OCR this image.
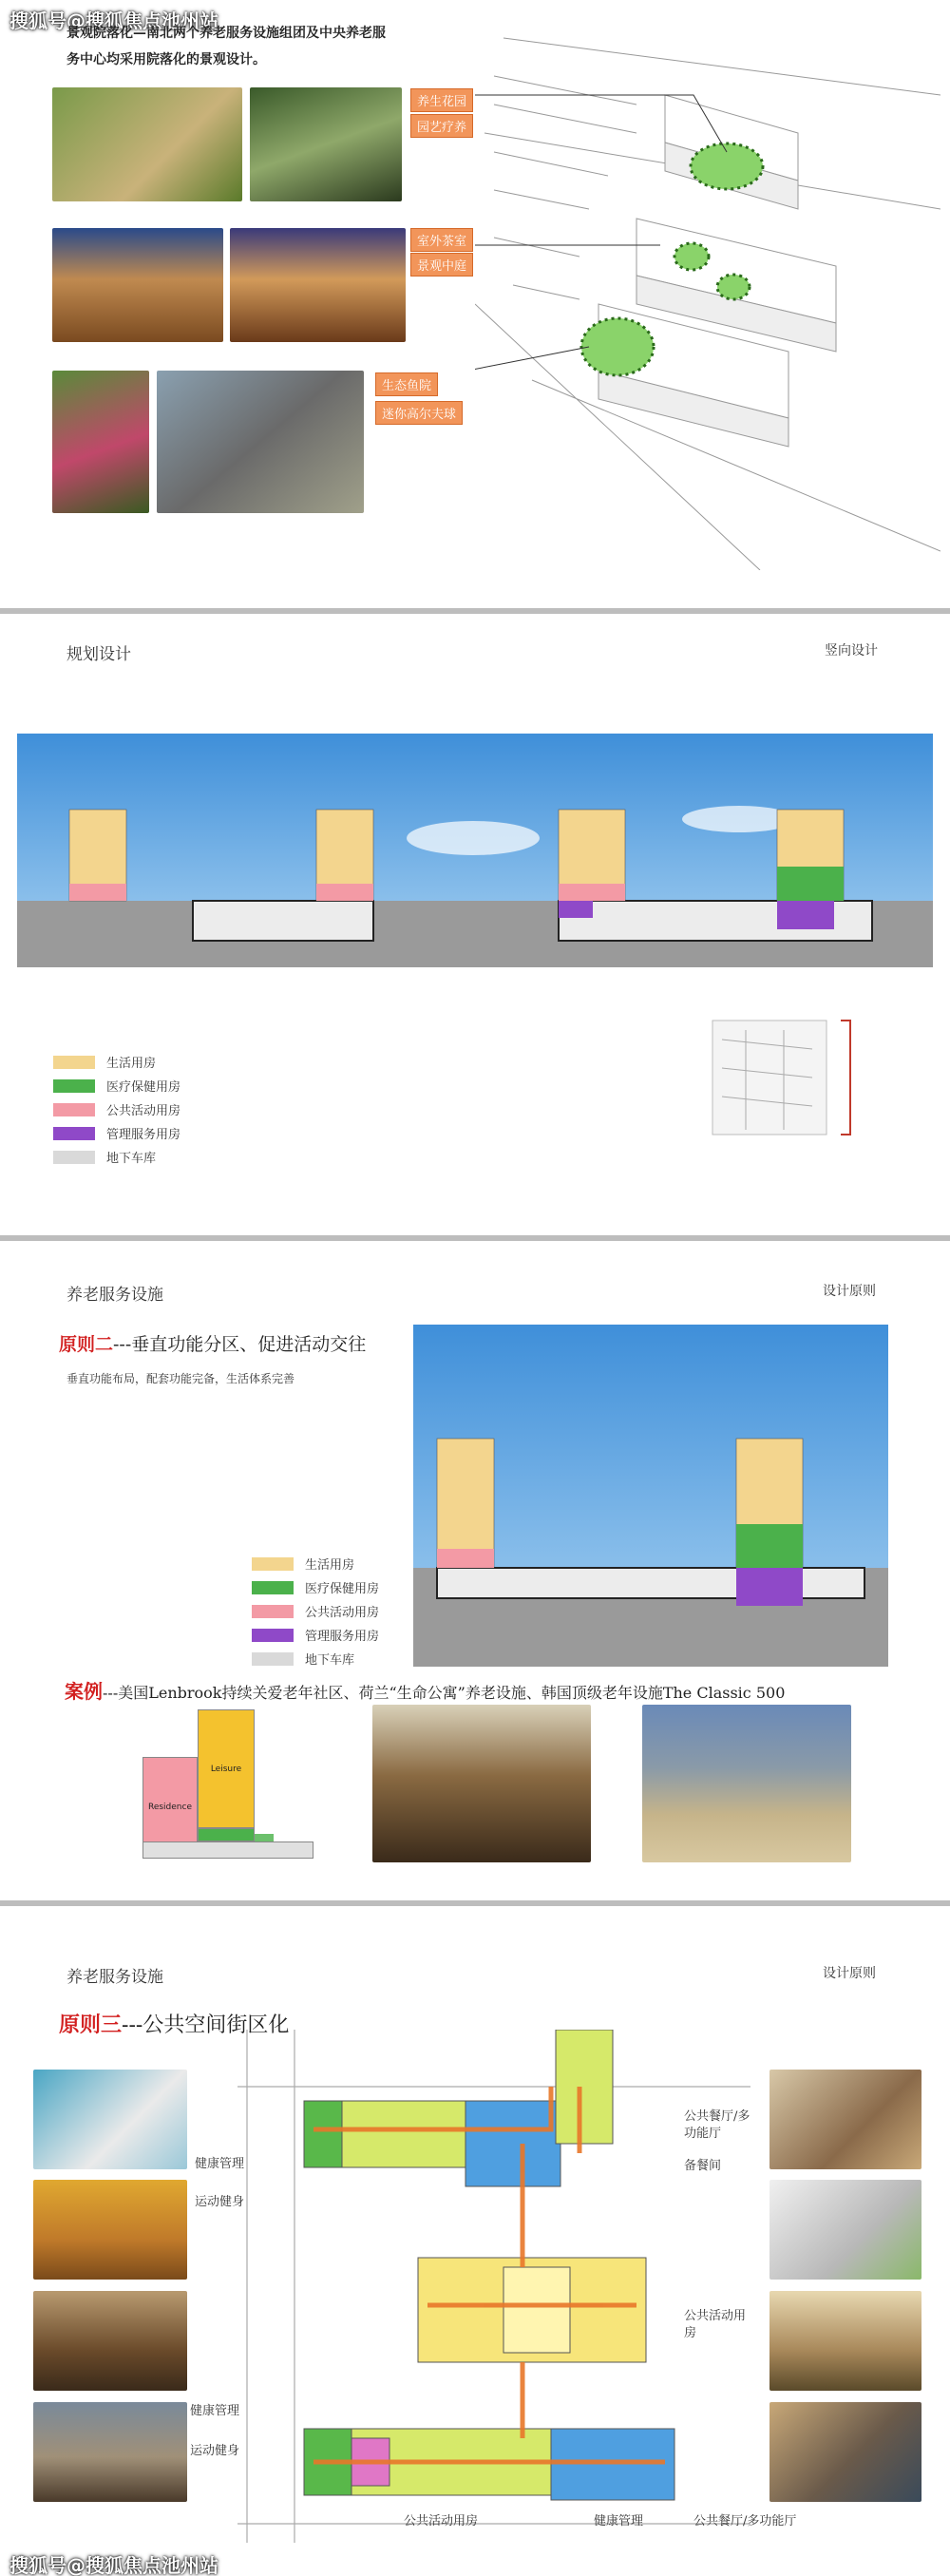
搜狐号@搜狐焦点池州站
景观院落化—南北两个养老服务设施组团及中央养老服
务中心均采用院落化的景观设计。
养生花园
园艺疗养
室外茶室
景观中庭
生态鱼院
迷你高尔夫球
规划设计	竖向设计
生活用房
医疗保健用房
公共活动用房
管理服务用房
地下车库
养老服务设施	设计原则
原则二---垂直功能分区、促进活动交往
垂直功能布局，配套功能完备，生活体系完善
生活用房
医疗保健用房
公共活动用房
管理服务用房
地下车库
案例---美国Lenbrook持续关爱老年社区、荷兰“生命公寓”养老设施、韩国顶级老年设施The Classic 500
Residence
Leisure
养老服务设施	设计原则
原则三---公共空间街区化
健康管理
运动健身
公共餐厅/多
功能厅
备餐间
公共活动用
房
健康管理
运动健身
公共活动用房	健康管理	公共餐厅/多功能厅
搜狐号@搜狐焦点池州站
